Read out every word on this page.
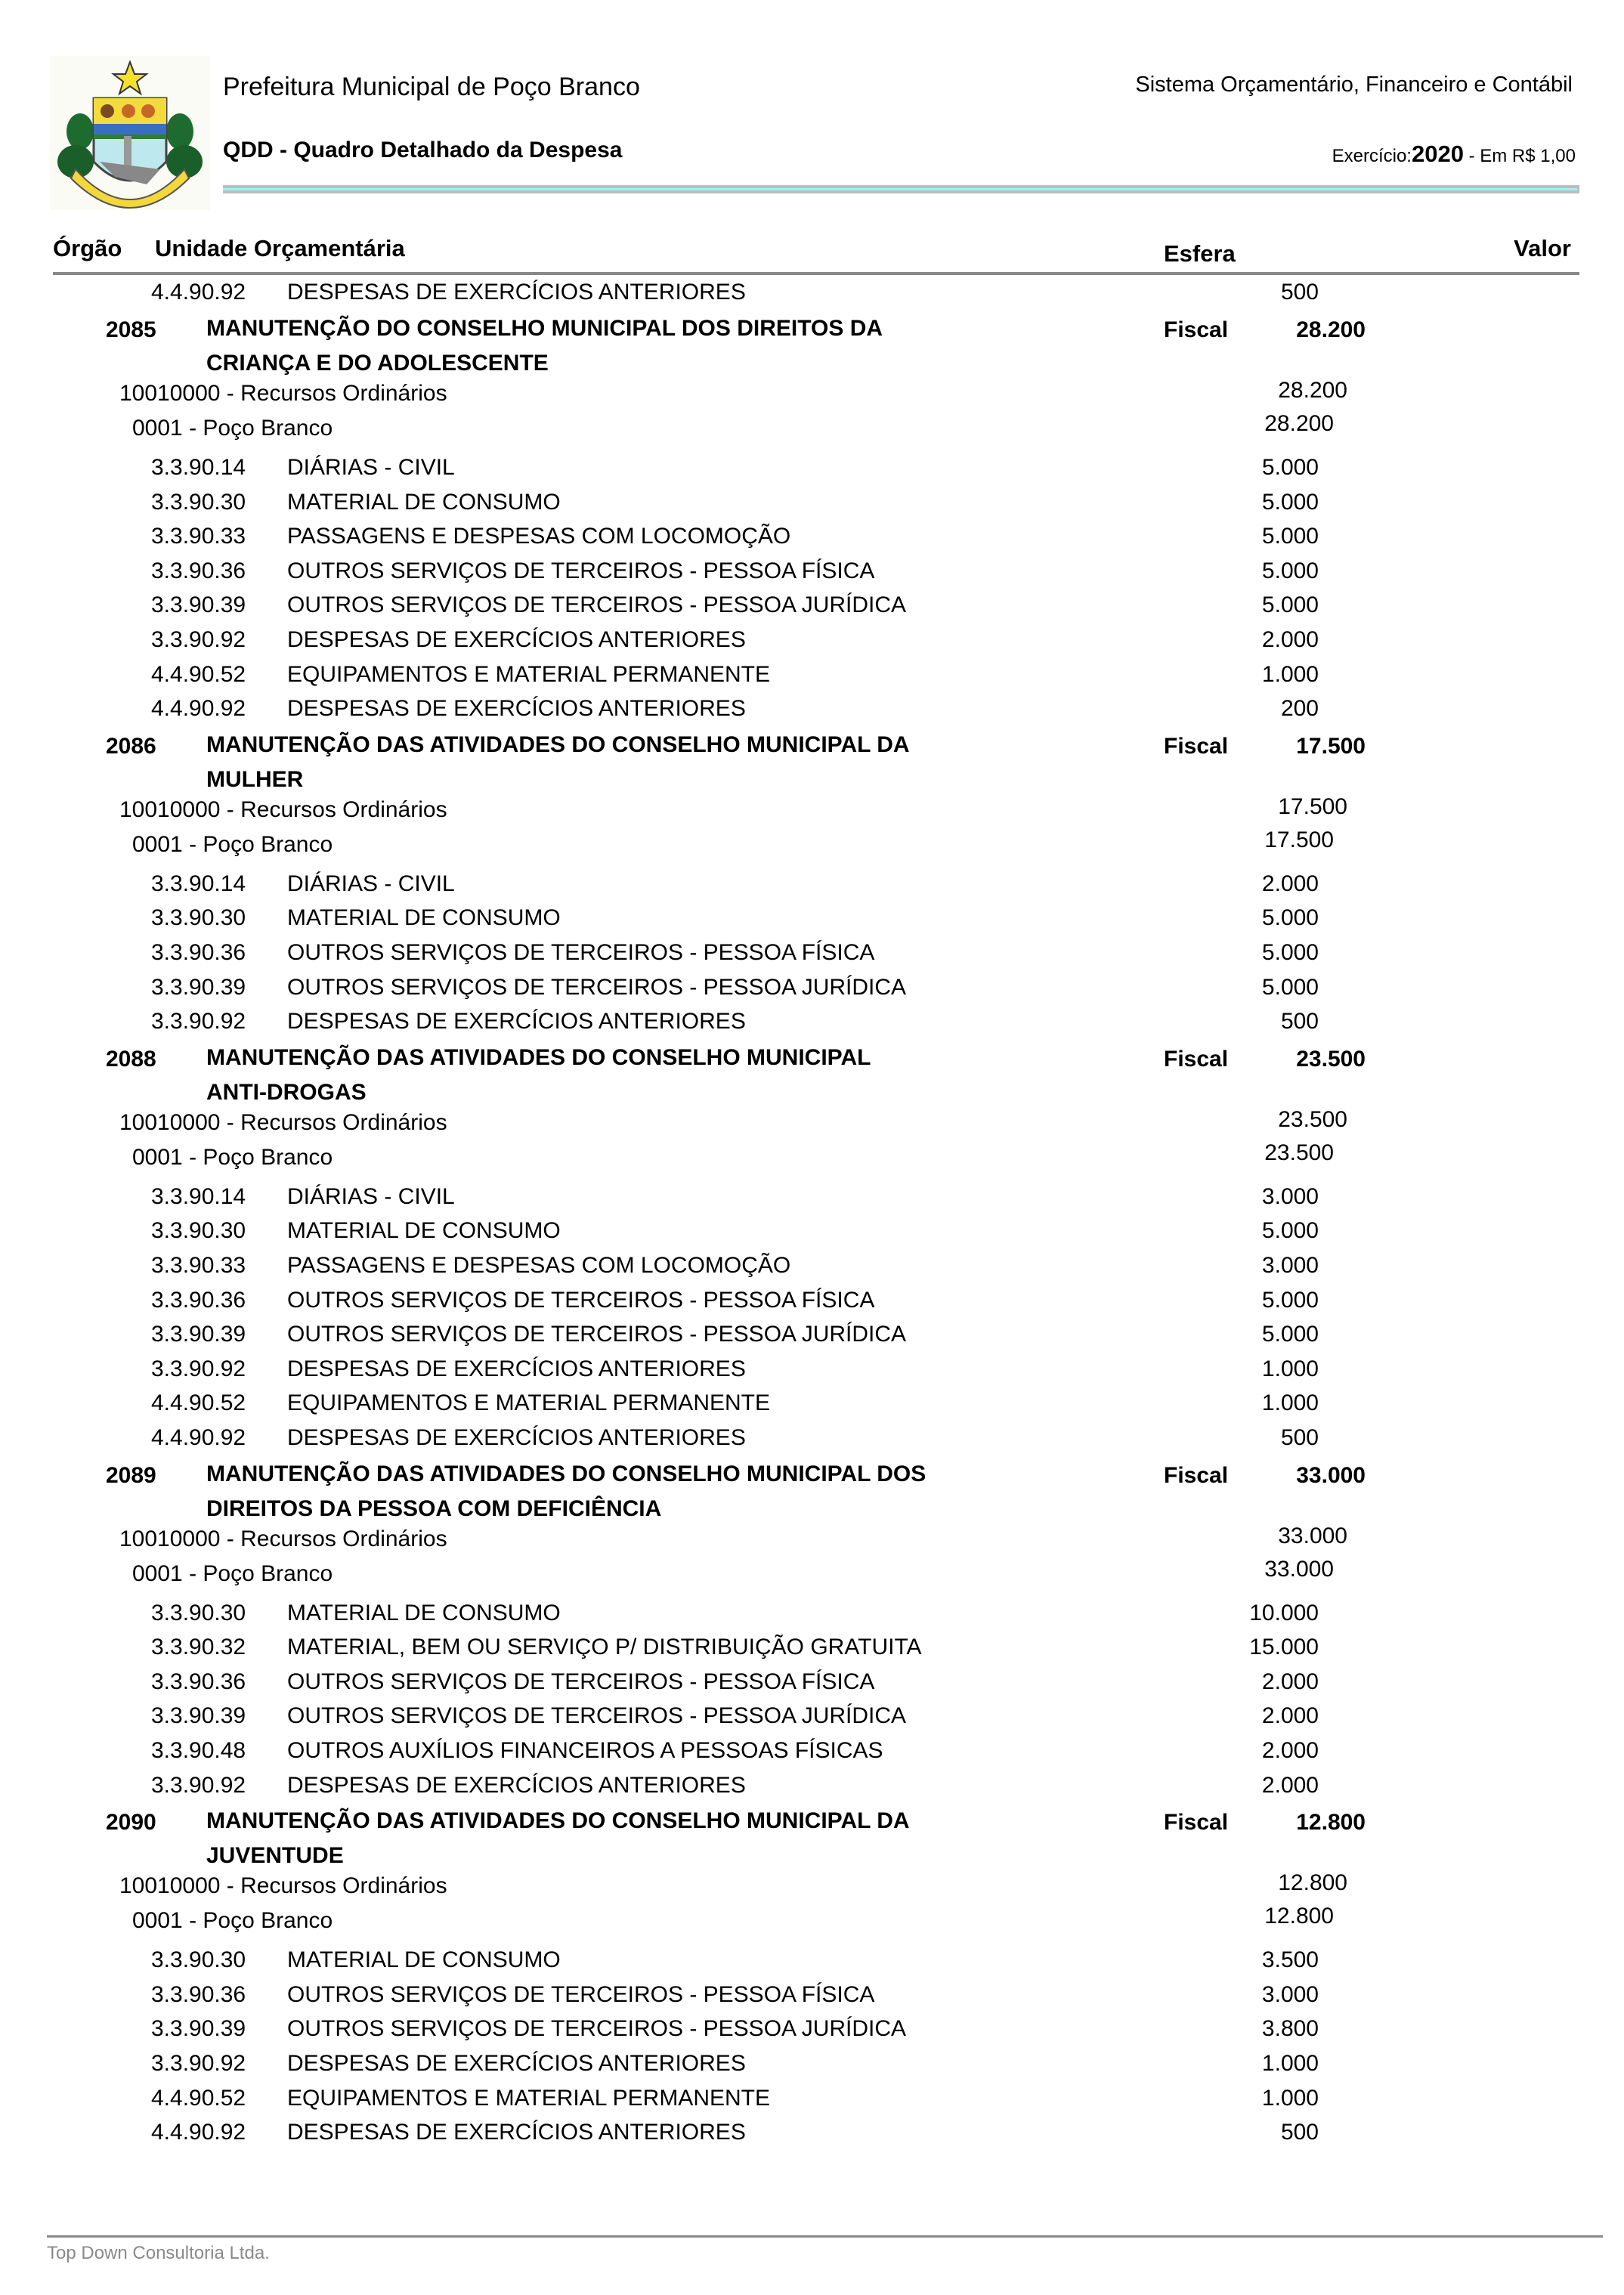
Prefeitura Municipal de Poço Branco
QDD - Quadro Detalhado da Despesa
Sistema Orçamentário, Financeiro e Contábil
Exercício:2020 - Em R$ 1,00
Órgão Unidade Orçamentária	Esfera	Valor
4.4.90.92 DESPESAS DE EXERCÍCIOS ANTERIORES	500
2085 MANUTENÇÃO DO CONSELHO MUNICIPAL DOS DIREITOS DA
CRIANÇA E DO ADOLESCENTE
Fiscal	28.200
10010000 - Recursos Ordinários	28.200
0001 - Poço Branco	28.200
3.3.90.14 DIÁRIAS - CIVIL	5.000
3.3.90.30 MATERIAL DE CONSUMO	5.000
3.3.90.33 PASSAGENS E DESPESAS COM LOCOMOÇÃO	5.000
3.3.90.36 OUTROS SERVIÇOS DE TERCEIROS - PESSOA FÍSICA	5.000
3.3.90.39 OUTROS SERVIÇOS DE TERCEIROS - PESSOA JURÍDICA	5.000
3.3.90.92 DESPESAS DE EXERCÍCIOS ANTERIORES	2.000
4.4.90.52 EQUIPAMENTOS E MATERIAL PERMANENTE	1.000
4.4.90.92 DESPESAS DE EXERCÍCIOS ANTERIORES	200
2086 MANUTENÇÃO DAS ATIVIDADES DO CONSELHO MUNICIPAL DA
MULHER
Fiscal	17.500
10010000 - Recursos Ordinários	17.500
0001 - Poço Branco	17.500
3.3.90.14 DIÁRIAS - CIVIL	2.000
3.3.90.30 MATERIAL DE CONSUMO	5.000
3.3.90.36 OUTROS SERVIÇOS DE TERCEIROS - PESSOA FÍSICA	5.000
3.3.90.39 OUTROS SERVIÇOS DE TERCEIROS - PESSOA JURÍDICA	5.000
3.3.90.92 DESPESAS DE EXERCÍCIOS ANTERIORES	500
2088 MANUTENÇÃO DAS ATIVIDADES DO CONSELHO MUNICIPAL
ANTI-DROGAS
Fiscal	23.500
10010000 - Recursos Ordinários	23.500
0001 - Poço Branco	23.500
3.3.90.14 DIÁRIAS - CIVIL	3.000
3.3.90.30 MATERIAL DE CONSUMO	5.000
3.3.90.33 PASSAGENS E DESPESAS COM LOCOMOÇÃO	3.000
3.3.90.36 OUTROS SERVIÇOS DE TERCEIROS - PESSOA FÍSICA	5.000
3.3.90.39 OUTROS SERVIÇOS DE TERCEIROS - PESSOA JURÍDICA	5.000
3.3.90.92 DESPESAS DE EXERCÍCIOS ANTERIORES	1.000
4.4.90.52 EQUIPAMENTOS E MATERIAL PERMANENTE	1.000
4.4.90.92 DESPESAS DE EXERCÍCIOS ANTERIORES	500
2089 MANUTENÇÃO DAS ATIVIDADES DO CONSELHO MUNICIPAL DOS
DIREITOS DA PESSOA COM DEFICIÊNCIA
Fiscal	33.000
10010000 - Recursos Ordinários	33.000
0001 - Poço Branco	33.000
3.3.90.30 MATERIAL DE CONSUMO	10.000
3.3.90.32 MATERIAL, BEM OU SERVIÇO P/ DISTRIBUIÇÃO GRATUITA	15.000
3.3.90.36 OUTROS SERVIÇOS DE TERCEIROS - PESSOA FÍSICA	2.000
3.3.90.39 OUTROS SERVIÇOS DE TERCEIROS - PESSOA JURÍDICA	2.000
3.3.90.48 OUTROS AUXÍLIOS FINANCEIROS A PESSOAS FÍSICAS	2.000
3.3.90.92 DESPESAS DE EXERCÍCIOS ANTERIORES	2.000
2090 MANUTENÇÃO DAS ATIVIDADES DO CONSELHO MUNICIPAL DA
JUVENTUDE
Fiscal	12.800
10010000 - Recursos Ordinários	12.800
0001 - Poço Branco	12.800
3.3.90.30 MATERIAL DE CONSUMO	3.500
3.3.90.36 OUTROS SERVIÇOS DE TERCEIROS - PESSOA FÍSICA	3.000
3.3.90.39 OUTROS SERVIÇOS DE TERCEIROS - PESSOA JURÍDICA	3.800
3.3.90.92 DESPESAS DE EXERCÍCIOS ANTERIORES	1.000
4.4.90.52 EQUIPAMENTOS E MATERIAL PERMANENTE	1.000
4.4.90.92 DESPESAS DE EXERCÍCIOS ANTERIORES	500
Top Down Consultoria Ltda.
